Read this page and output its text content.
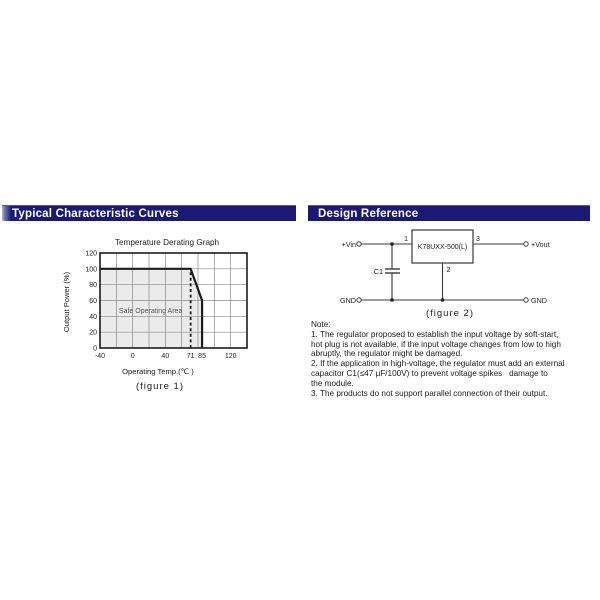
Typical Characteristic Curves	Design Reference
Temperature Derating Graph
Output Power (%)
-40	0	40	71 85	120
0
20
40
60
80
100
120
Safe Operating Area
Operating Temp.(℃ )
(figure 1)
K78UXX-500(L)
+Vin	+Vout
GND	GND
1	3
2
C1
(figure 2)
Note:
1. The regulator proposed to establish the input voltage by soft-start,
hot plug is not available, if the input voltage changes from low to high
abruptly, the regulator might be damaged.
2. If the application in high-voltage, the regulator must add an external
capacitor C1(≤47 μF/100V) to prevent voltage spikes   damage to
the module.
3. The products do not support parallel connection of their output.
